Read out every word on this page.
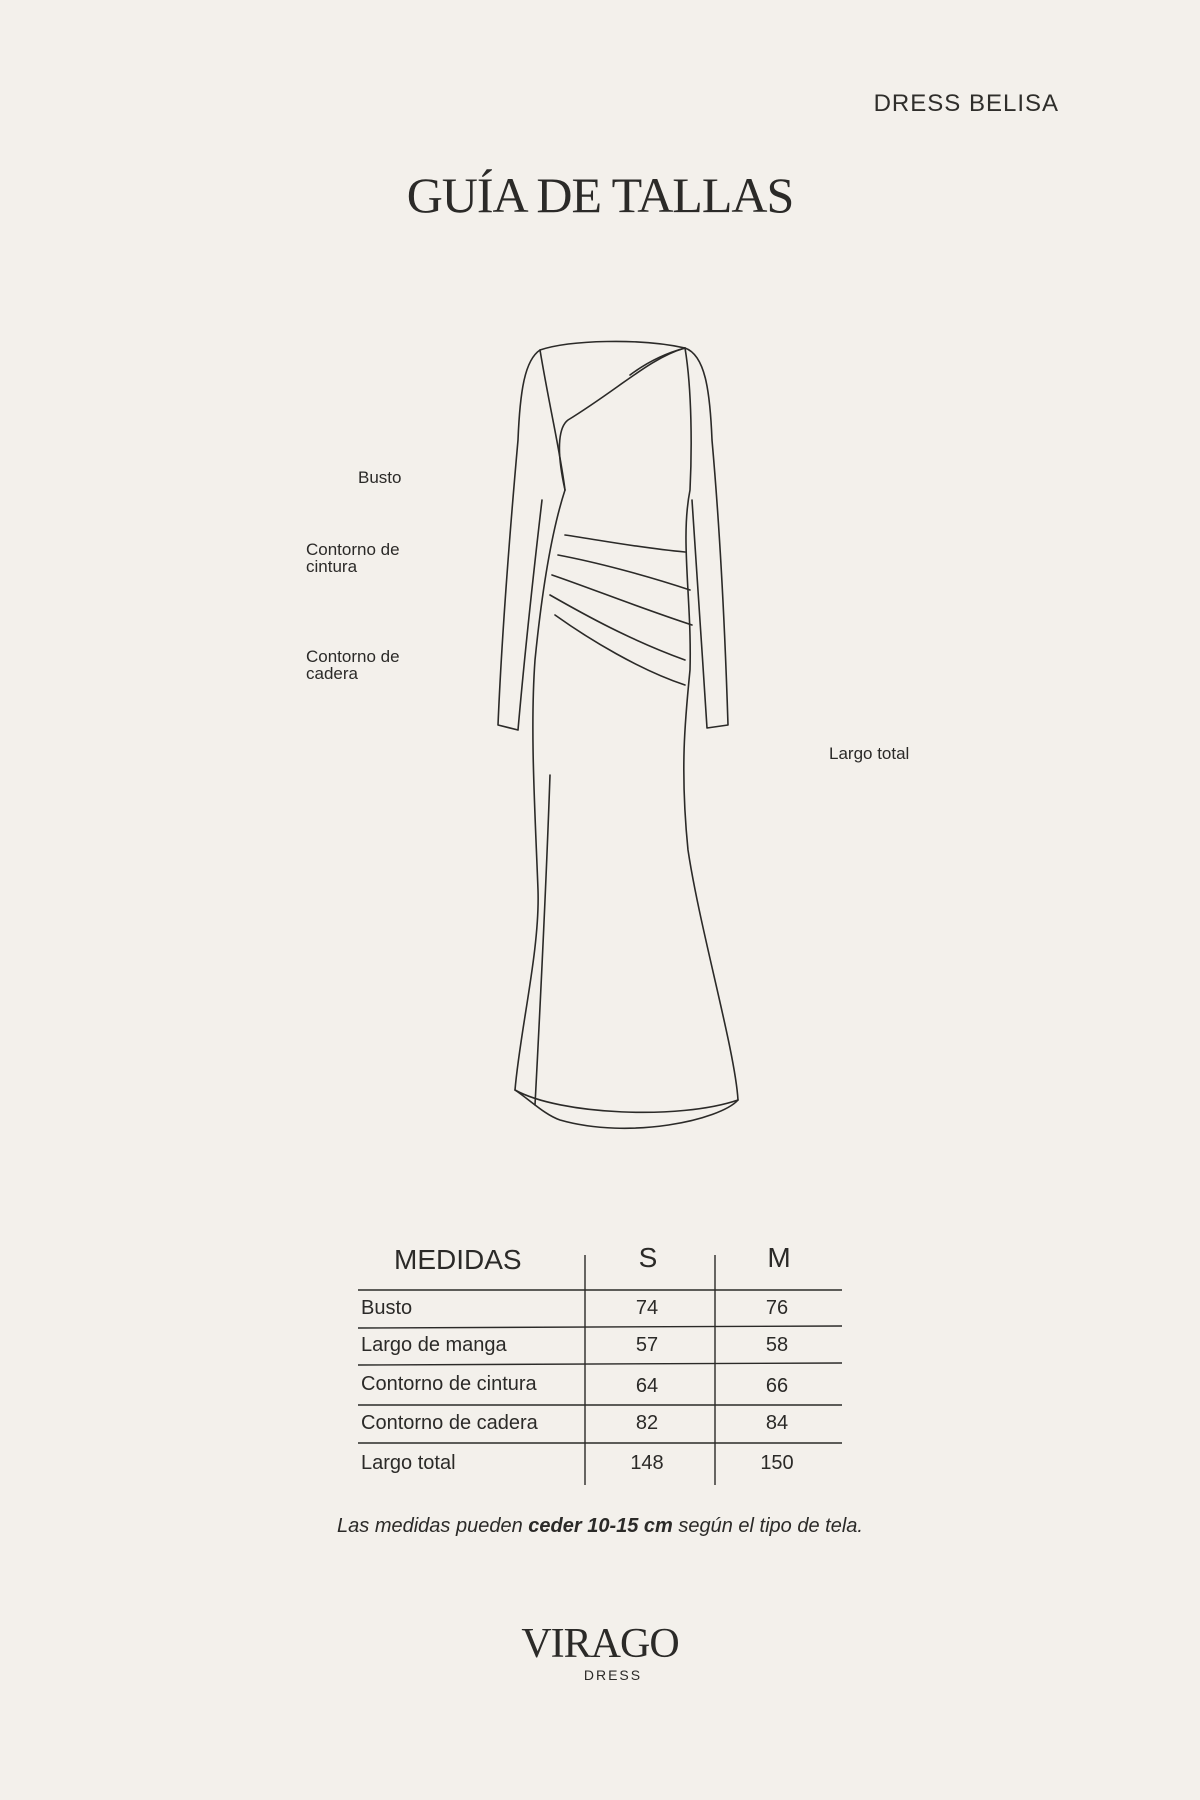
DRESS BELISA
GUÍA DE TALLAS
Busto
Contorno de cintura
Contorno de cadera
Largo total
MEDIDAS	S	M
Busto	74	76
Largo de manga	57	58
Contorno de cintura	64	66
Contorno de cadera	82	84
Largo total	148	150
Las medidas pueden ceder 10-15 cm según el tipo de tela.
VIRAGO
DRESS
